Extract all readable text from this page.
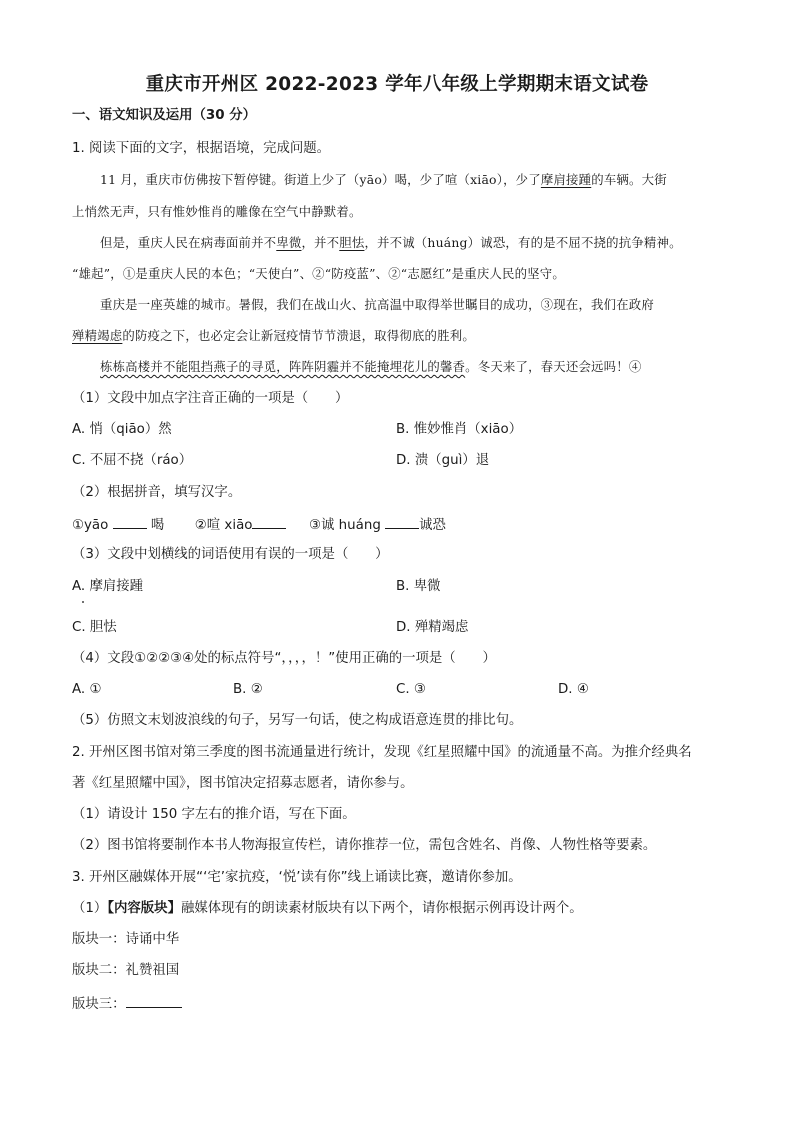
重庆市开州区 2022-2023 学年八年级上学期期末语文试卷
一、语文知识及运用（30 分）
1. 阅读下面的文字，根据语境，完成问题。
11 月，重庆市仿佛按下暂停键。街道上少了（yāo）喝，少了喧（xiāo），少了摩肩接踵的车辆。大街
上悄然无声，只有惟妙惟肖的雕像在空气中静默着。
但是，重庆人民在病毒面前并不卑微，并不胆怯，并不诚（huáng）诚恐，有的是不屈不挠的抗争精神。
“雄起”，①是重庆人民的本色；“天使白”、②“防疫蓝”、②“志愿红”是重庆人民的坚守。
重庆是一座英雄的城市。暑假，我们在战山火、抗高温中取得举世瞩目的成功，③现在，我们在政府
殚精竭虑的防疫之下，也必定会让新冠疫情节节溃退，取得彻底的胜利。
栋栋高楼并不能阻挡燕子的寻觅，阵阵阴霾并不能掩埋花儿的馨香。冬天来了，春天还会远吗！④
（1）文段中加点字注音正确的一项是（　　）
A. 悄（qiāo）然	B. 惟妙惟肖（xiāo）
C. 不屈不挠（ráo）	D. 溃（guì）退
（2）根据拼音，填写汉字。
①yāo	喝 ②喧 xiāo	③诚 huáng	诚恐
（3）文段中划横线的词语使用有误的一项是（　　）
A. 摩肩接踵	B. 卑微
C. 胆怯	D. 殚精竭虑
（4）文段①②②③④处的标点符号“，，，，！”使用正确的一项是（　　）
A. ①	B. ②	C. ③	D. ④
（5）仿照文末划波浪线的句子，另写一句话，使之构成语意连贯的排比句。
2. 开州区图书馆对第三季度的图书流通量进行统计，发现《红星照耀中国》的流通量不高。为推介经典名
著《红星照耀中国》，图书馆决定招募志愿者，请你参与。
（1）请设计 150 字左右的推介语，写在下面。
（2）图书馆将要制作本书人物海报宣传栏，请你推荐一位，需包含姓名、肖像、人物性格等要素。
3. 开州区融媒体开展“‘宅’家抗疫，‘悦’读有你”线上诵读比赛，邀请你参加。
（1）【内容版块】融媒体现有的朗读素材版块有以下两个，请你根据示例再设计两个。
版块一：诗诵中华
版块二：礼赞祖国
版块三：
